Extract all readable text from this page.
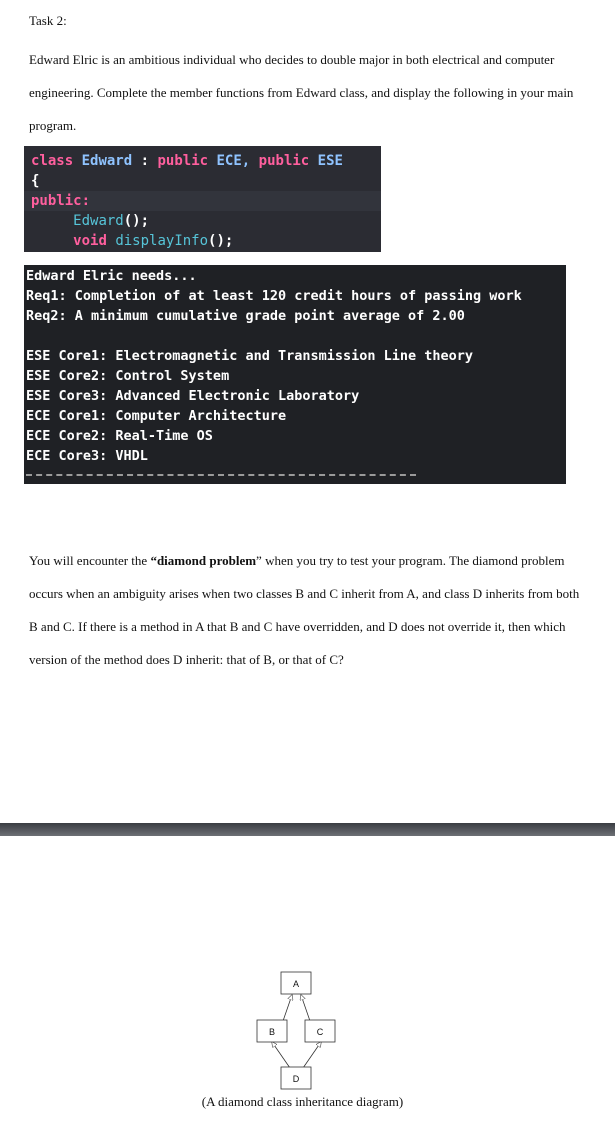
Task 2:

Edward Elric is an ambitious individual who decides to double major in both electrical and computer engineering. Complete the member functions from Edward class, and display the following in your main program.

class Edward : public ECE, public ESE
{
public:
Edward();
void displayInfo();
Edward Elric needs...
Req1: Completion of at least 120 credit hours of passing work
Req2: A minimum cumulative grade point average of 2.00
ESE Core1: Electromagnetic and Transmission Line theory
ESE Core2: Control System
ESE Core3: Advanced Electronic Laboratory
ECE Core1: Computer Architecture
ECE Core2: Real-Time OS
ECE Core3: VHDL

You will encounter the “diamond problem” when you try to test your program. The diamond problem occurs when an ambiguity arises when two classes B and C inherit from A, and class D inherits from both B and C. If there is a method in A that B and C have overridden, and D does not override it, then which version of the method does D inherit: that of B, or that of C?

A
B	C
D
(A diamond class inheritance diagram)
